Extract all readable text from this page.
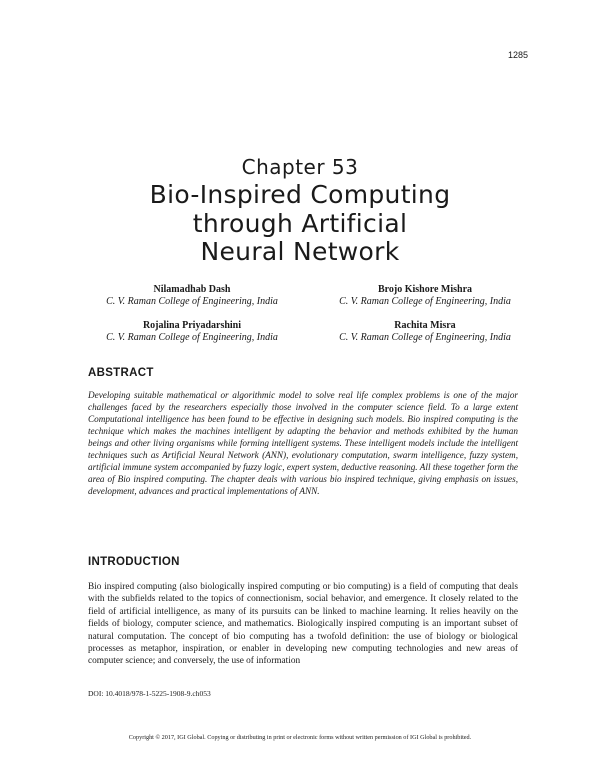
1285
Chapter 53
Bio-Inspired Computing
through Artificial
Neural Network
Nilamadhab Dash
C. V. Raman College of Engineering, India
Brojo Kishore Mishra
C. V. Raman College of Engineering, India
Rojalina Priyadarshini
C. V. Raman College of Engineering, India
Rachita Misra
C. V. Raman College of Engineering, India
ABSTRACT

Developing suitable mathematical or algorithmic model to solve real life complex problems is one of the major challenges faced by the researchers especially those involved in the computer science field. To a large extent Computational intelligence has been found to be effective in designing such models. Bio inspired computing is the technique which makes the machines intelligent by adapting the behavior and methods exhibited by the human beings and other living organisms while forming intelligent systems. These intelligent models include the intelligent techniques such as Artificial Neural Network (ANN), evolutionary computation, swarm intelligence, fuzzy system, artificial immune system accompanied by fuzzy logic, expert system, deductive reasoning. All these together form the area of Bio inspired computing. The chapter deals with various bio inspired technique, giving emphasis on issues, development, advances and practical implementations of ANN.

INTRODUCTION

Bio inspired computing (also biologically inspired computing or bio computing) is a field of computing that deals with the subfields related to the topics of connectionism, social behavior, and emergence. It closely related to the field of artificial intelligence, as many of its pursuits can be linked to machine learning. It relies heavily on the fields of biology, computer science, and mathematics. Biologically inspired computing is an important subset of natural computation. The concept of bio computing has a twofold definition: the use of biology or biological processes as metaphor, inspiration, or enabler in developing new computing technologies and new areas of computer science; and conversely, the use of information

DOI: 10.4018/978-1-5225-1908-9.ch053
Copyright © 2017, IGI Global. Copying or distributing in print or electronic forms without written permission of IGI Global is prohibited.
